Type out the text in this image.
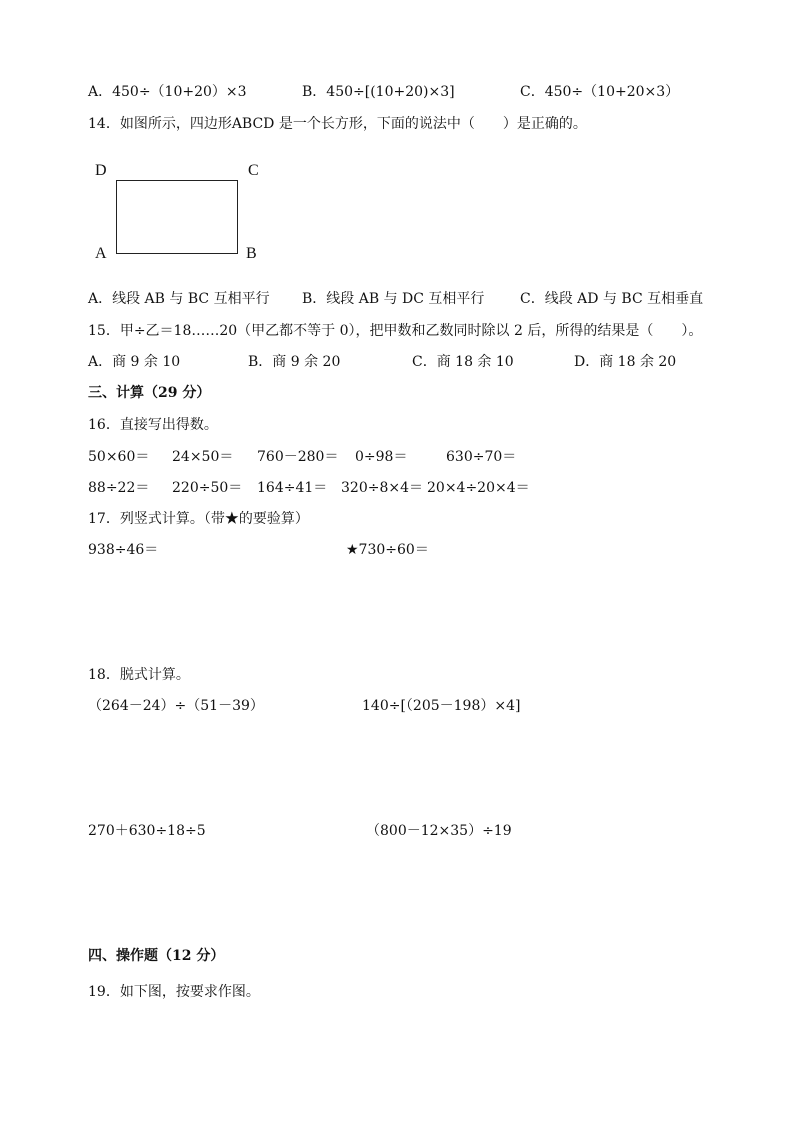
A．450÷（10+20）×3	B．450÷[(10+20)×3]	C．450÷（10+20×3）
14．如图所示，四边形ABCD 是一个长方形，下面的说法中（　　）是正确的。
D	C
A	B
A．线段 AB 与 BC 互相平行 B．线段 AB 与 DC 互相平行	C．线段 AD 与 BC 互相垂直
15．甲÷乙＝18……20（甲乙都不等于 0），把甲数和乙数同时除以 2 后，所得的结果是（　　）。
A．商 9 余 10	B．商 9 余 20	C．商 18 余 10	D．商 18 余 20
三、计算（29 分）
16．直接写出得数。
50×60＝ 24×50＝ 760－280＝ 0÷98＝	630÷70＝
88÷22＝ 220÷50＝ 164÷41＝ 320÷8×4＝ 20×4÷20×4＝
17．列竖式计算。（带★的要验算）
938÷46＝	★730÷60＝
18．脱式计算。
（264－24）÷（51－39）	140÷[（205－198）×4]
270＋630÷18÷5	（800－12×35）÷19
四、操作题（12 分）
19．如下图，按要求作图。
